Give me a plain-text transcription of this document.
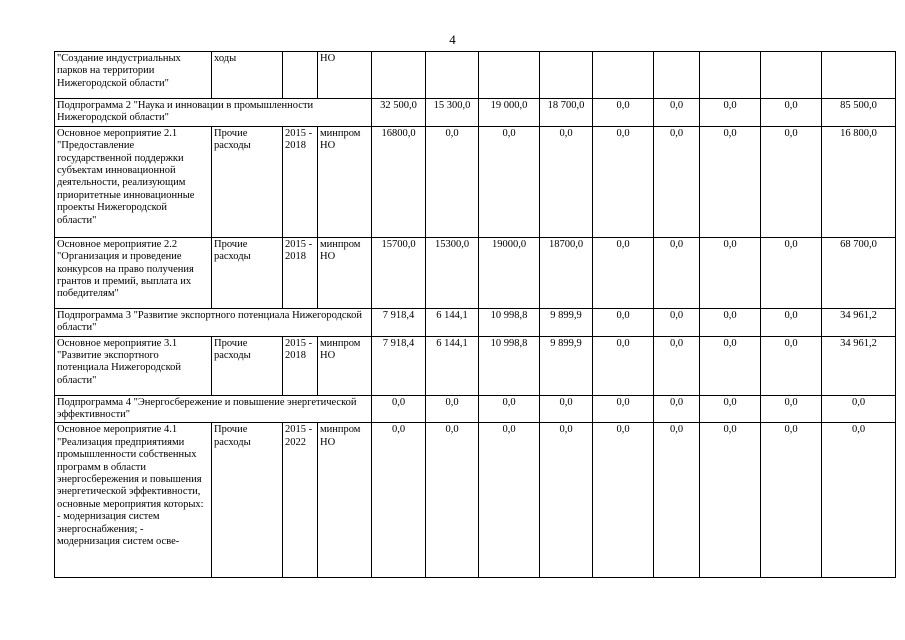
4
"Создание индустриальных парков на территории Нижегородской области"	ходы		НО									
Подпрограмма 2 "Наука и инновации в промышленности Нижегородской области"				32 500,0	15 300,0	19 000,0	18 700,0	0,0	0,0	0,0	0,0	85 500,0
Основное мероприятие 2.1 "Предоставление государственной поддержки субъектам инновационной деятельности, реализующим приоритетные инновационные проекты Нижегородской области"	Прочие расходы	2015 - 2018	минпром НО	16800,0	0,0	0,0	0,0	0,0	0,0	0,0	0,0	16 800,0
Основное мероприятие 2.2 "Организация и проведение конкурсов на право получения грантов и премий, выплата их победителям"	Прочие расходы	2015 - 2018	минпром НО	15700,0	15300,0	19000,0	18700,0	0,0	0,0	0,0	0,0	68 700,0
Подпрограмма 3 "Развитие экспортного потенциала Нижегородской области"				7 918,4	6 144,1	10 998,8	9 899,9	0,0	0,0	0,0	0,0	34 961,2
Основное мероприятие 3.1 "Развитие экспортного потенциала Нижегородской области"	Прочие расходы	2015 - 2018	минпром НО	7 918,4	6 144,1	10 998,8	9 899,9	0,0	0,0	0,0	0,0	34 961,2
Подпрограмма 4 "Энергосбережение и повышение энергетической эффективности"				0,0	0,0	0,0	0,0	0,0	0,0	0,0	0,0	0,0
Основное мероприятие 4.1 "Реализация предприятиями промышленности собственных программ в области энергосбережения и повышения энергетической эффективности, основные мероприятия которых: - модернизация систем энергоснабжения; - модернизация систем осве-	Прочие расходы	2015 - 2022	минпром НО	0,0	0,0	0,0	0,0	0,0	0,0	0,0	0,0	0,0
